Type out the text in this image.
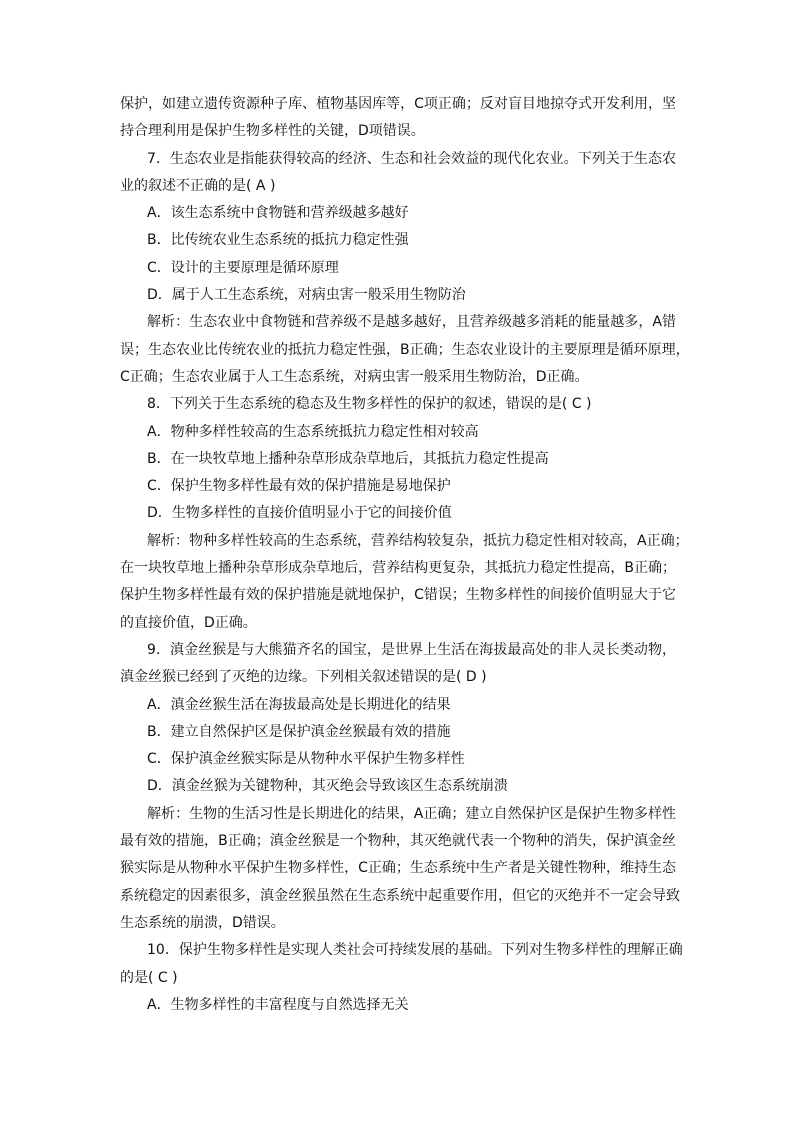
保护，如建立遗传资源种子库、植物基因库等，C项正确；反对盲目地掠夺式开发利用，坚
持合理利用是保护生物多样性的关键，D项错误。
7．生态农业是指能获得较高的经济、生态和社会效益的现代化农业。下列关于生态农
业的叙述不正确的是( A )
A．该生态系统中食物链和营养级越多越好
B．比传统农业生态系统的抵抗力稳定性强
C．设计的主要原理是循环原理
D．属于人工生态系统，对病虫害一般采用生物防治
解析：生态农业中食物链和营养级不是越多越好，且营养级越多消耗的能量越多，A错
误；生态农业比传统农业的抵抗力稳定性强，B正确；生态农业设计的主要原理是循环原理，
C正确；生态农业属于人工生态系统，对病虫害一般采用生物防治，D正确。
8．下列关于生态系统的稳态及生物多样性的保护的叙述，错误的是( C )
A．物种多样性较高的生态系统抵抗力稳定性相对较高
B．在一块牧草地上播种杂草形成杂草地后，其抵抗力稳定性提高
C．保护生物多样性最有效的保护措施是易地保护
D．生物多样性的直接价值明显小于它的间接价值
解析：物种多样性较高的生态系统，营养结构较复杂，抵抗力稳定性相对较高，A正确；
在一块牧草地上播种杂草形成杂草地后，营养结构更复杂，其抵抗力稳定性提高，B正确；
保护生物多样性最有效的保护措施是就地保护，C错误；生物多样性的间接价值明显大于它
的直接价值，D正确。
9．滇金丝猴是与大熊猫齐名的国宝，是世界上生活在海拔最高处的非人灵长类动物，
滇金丝猴已经到了灭绝的边缘。下列相关叙述错误的是( D )
A．滇金丝猴生活在海拔最高处是长期进化的结果
B．建立自然保护区是保护滇金丝猴最有效的措施
C．保护滇金丝猴实际是从物种水平保护生物多样性
D．滇金丝猴为关键物种，其灭绝会导致该区生态系统崩溃
解析：生物的生活习性是长期进化的结果，A正确；建立自然保护区是保护生物多样性
最有效的措施，B正确；滇金丝猴是一个物种，其灭绝就代表一个物种的消失，保护滇金丝
猴实际是从物种水平保护生物多样性，C正确；生态系统中生产者是关键性物种，维持生态
系统稳定的因素很多，滇金丝猴虽然在生态系统中起重要作用，但它的灭绝并不一定会导致
生态系统的崩溃，D错误。
10．保护生物多样性是实现人类社会可持续发展的基础。下列对生物多样性的理解正确
的是( C )
A．生物多样性的丰富程度与自然选择无关
